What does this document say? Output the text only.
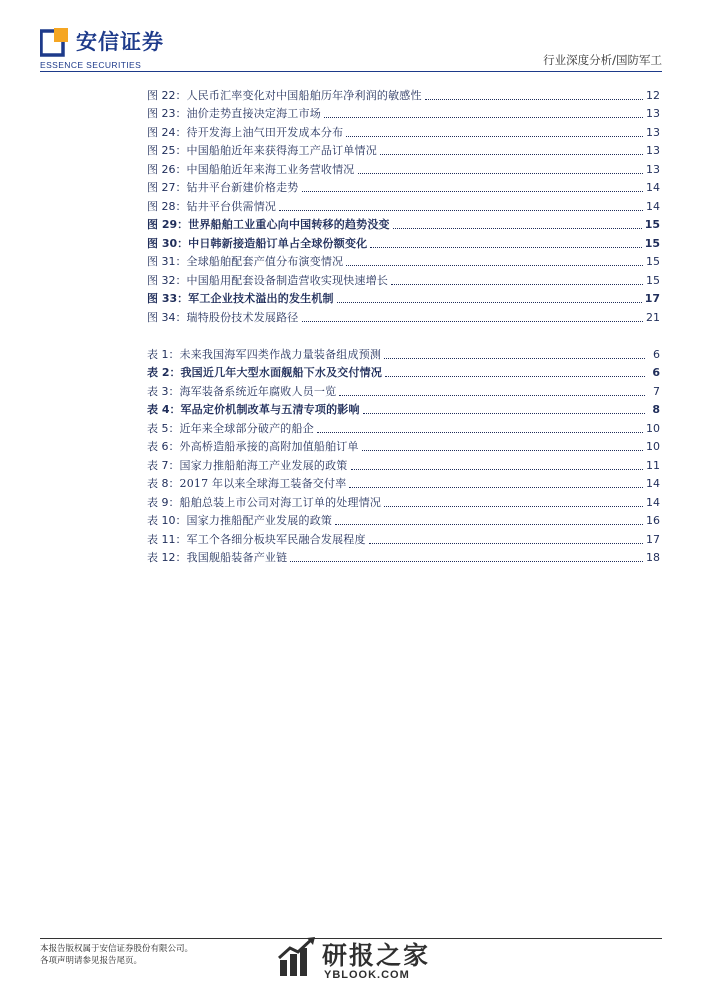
安信证券
ESSENCE SECURITIES	行业深度分析/国防军工
图 22： 人民币汇率变化对中国船舶历年净利润的敏感性	12
图 23： 油价走势直接决定海工市场	13
图 24： 待开发海上油气田开发成本分布	13
图 25： 中国船舶近年来获得海工产品订单情况	13
图 26： 中国船舶近年来海工业务营收情况	13
图 27： 钻井平台新建价格走势	14
图 28： 钻井平台供需情况	14
图 29： 世界船舶工业重心向中国转移的趋势没变	15
图 30： 中日韩新接造船订单占全球份额变化	15
图 31： 全球船舶配套产值分布演变情况	15
图 32： 中国船用配套设备制造营收实现快速增长	15
图 33： 军工企业技术溢出的发生机制	17
图 34： 瑞特股份技术发展路径	21
表 1： 未来我国海军四类作战力量装备组成预测	6
表 2： 我国近几年大型水面舰船下水及交付情况	6
表 3： 海军装备系统近年腐败人员一览	7
表 4： 军品定价机制改革与五清专项的影响	8
表 5： 近年来全球部分破产的船企	10
表 6： 外高桥造船承接的高附加值船舶订单	10
表 7： 国家力推船舶海工产业发展的政策	11
表 8： 2017 年以来全球海工装备交付率	14
表 9： 船舶总装上市公司对海工订单的处理情况	14
表 10： 国家力推船配产业发展的政策	16
表 11： 军工个各细分板块军民融合发展程度	17
表 12： 我国舰船装备产业链	18
本报告版权属于安信证券股份有限公司。
各项声明请参见报告尾页。	研报之家
YBLOOK.COM
